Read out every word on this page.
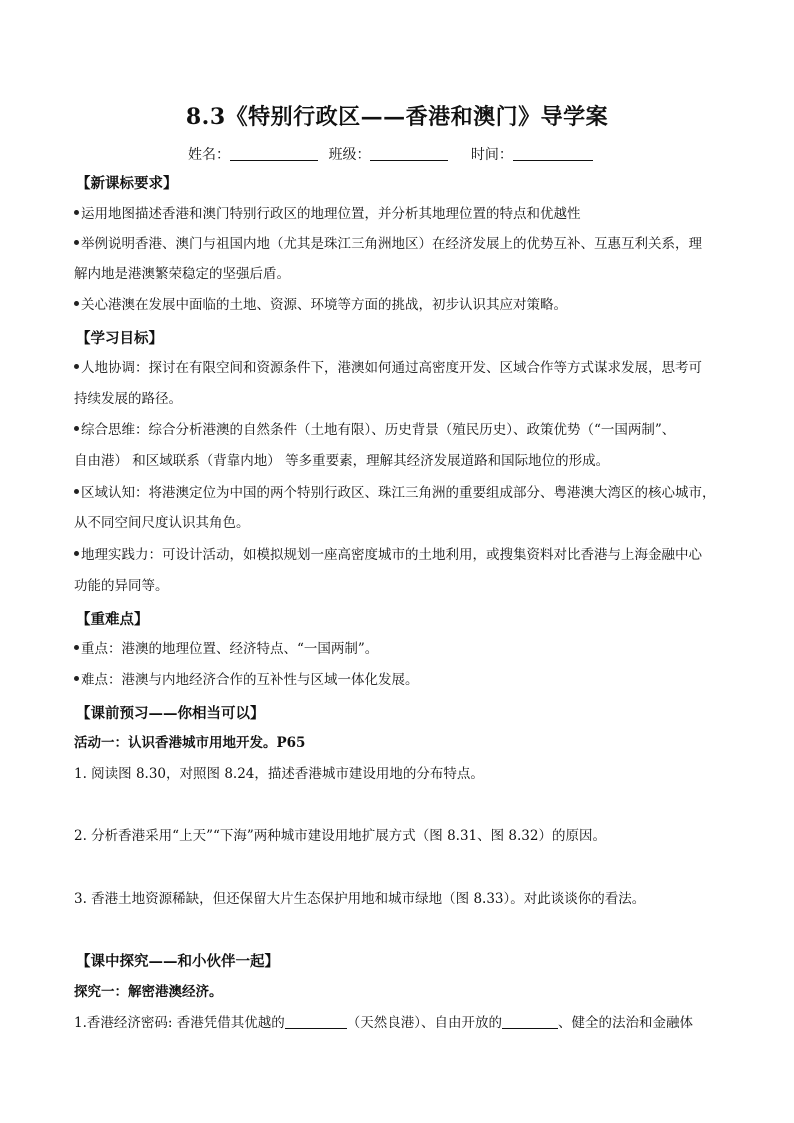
8.3《特别行政区——香港和澳门》导学案
姓名：	班级：	时间：
【新课标要求】
运用地图描述香港和澳门特别行政区的地理位置，并分析其地理位置的特点和优越性
举例说明香港、澳门与祖国内地（尤其是珠江三角洲地区）在经济发展上的优势互补、互惠互利关系，理
解内地是港澳繁荣稳定的坚强后盾。
关心港澳在发展中面临的土地、资源、环境等方面的挑战，初步认识其应对策略。
【学习目标】
人地协调：探讨在有限空间和资源条件下，港澳如何通过高密度开发、区域合作等方式谋求发展，思考可
持续发展的路径。
综合思维：综合分析港澳的自然条件（土地有限）、历史背景（殖民历史）、政策优势（“一国两制”、
自由港） 和区域联系（背靠内地） 等多重要素，理解其经济发展道路和国际地位的形成。
区域认知：将港澳定位为中国的两个特别行政区、珠江三角洲的重要组成部分、粤港澳大湾区的核心城市，
从不同空间尺度认识其角色。
地理实践力：可设计活动，如模拟规划一座高密度城市的土地利用，或搜集资料对比香港与上海金融中心
功能的异同等。
【重难点】
重点：港澳的地理位置、经济特点、“一国两制”。
难点：港澳与内地经济合作的互补性与区域一体化发展。
【课前预习——你相当可以】
活动一：认识香港城市用地开发。P65
1. 阅读图 8.30，对照图 8.24，描述香港城市建设用地的分布特点。
2. 分析香港采用“上天”“下海”两种城市建设用地扩展方式（图 8.31、图 8.32）的原因。
3. 香港土地资源稀缺，但还保留大片生态保护用地和城市绿地（图 8.33）。对此谈谈你的看法。
【课中探究——和小伙伴一起】
探究一：解密港澳经济。
1.香港经济密码: 香港凭借其优越的	（天然良港）、自由开放的	、健全的法治和金融体
